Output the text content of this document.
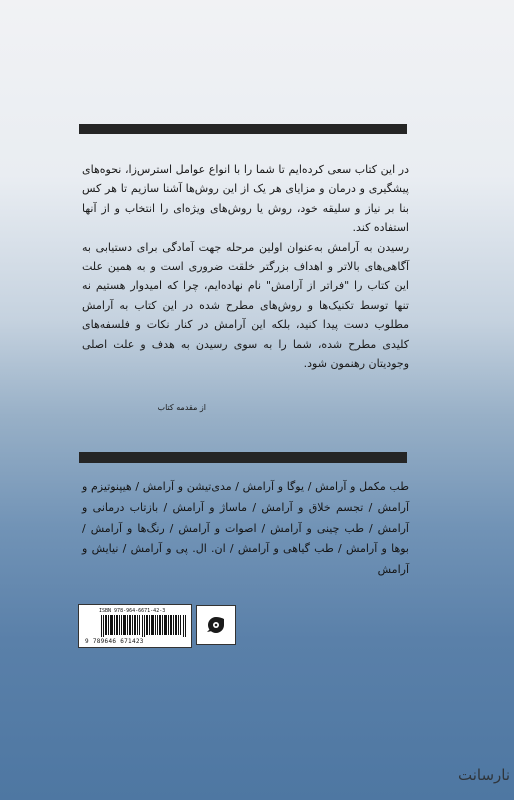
در این کتاب سعی کرده‌ایم تا شما را با انواع عوامل استرس‌زا، نحوه‌های پیشگیری و درمان و مزایای هر یک از این روش‌ها آشنا سازیم تا هر کس بنا بر نیاز و سلیقه خود، روش یا روش‌های ویژه‌ای را انتخاب و از آنها استفاده کند.

رسیدن به آرامش به‌عنوان اولین مرحله جهت آمادگی برای دستیابی به آگاهی‌های بالاتر و اهداف بزرگتر خلقت ضروری است و به همین علت این کتاب را "فراتر از آرامش" نام نهاده‌ایم، چرا که امیدوار هستیم نه تنها توسط تکنیک‌ها و روش‌های مطرح شده در این کتاب به آرامش مطلوب دست پیدا کنید، بلکه این آرامش در کنار نکات و فلسفه‌های کلیدی مطرح شده، شما را به سوی رسیدن به هدف و علت اصلی وجودیتان رهنمون شود.

از مقدمه کتاب
طب مکمل و آرامش / یوگا و آرامش / مدی‌تیشن و آرامش / هیپنوتیزم و آرامش / تجسم خلاق و آرامش / ماساژ و آرامش / بازتاب درمانی و آرامش / طب چینی و آرامش / اصوات و آرامش / رنگ‌ها و آرامش / بوها و آرامش / طب گیاهی و آرامش / ان. ال. پی و آرامش / نیایش و آرامش
ISBN 978-964-6671-42-3
9 789646 671423
نارسانت
